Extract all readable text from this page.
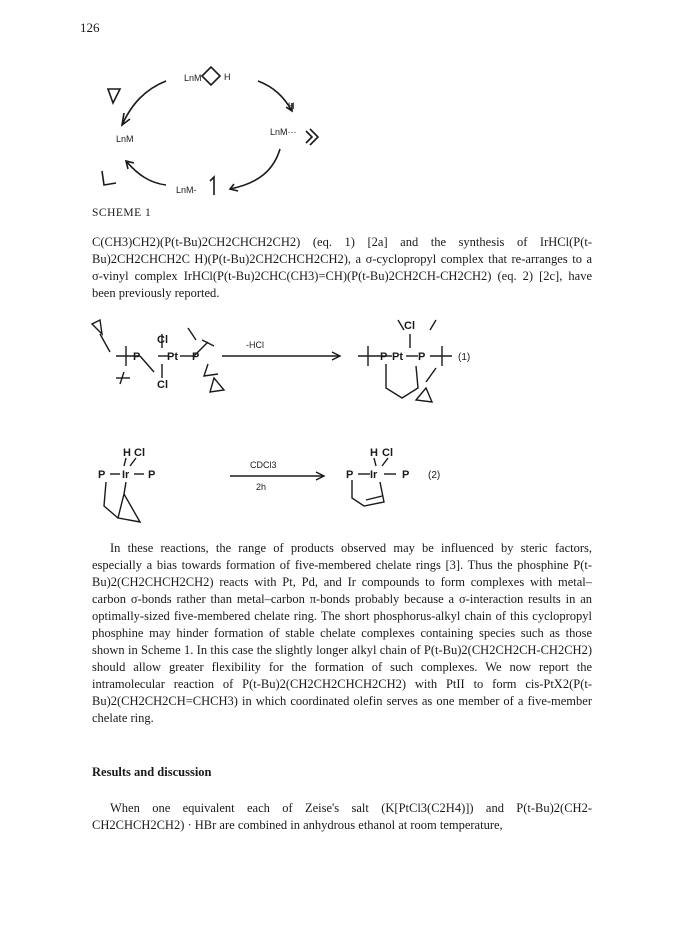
126
LnM H
LnM
H
LnM···
LnM-
SCHEME 1
C(CH3)CH2)(P(t-Bu)2CH2CHCH2CH2) (eq. 1) [2a] and the synthesis of IrHCl(P(t-Bu)2CH2CHCH2C H)(P(t-Bu)2CH2CHCH2CH2), a σ-cyclopropyl complex that re-arranges to a σ-vinyl complex IrHCl(P(t-Bu)2CHC(CH3)=CH)(P(t-Bu)2CH2CH-CH2CH2) (eq. 2) [2c], have been previously reported.
Cl
P Pt P
Cl
-HCl
Cl
P Pt P	(1)
H Cl
P Ir P
CDCl3
2h
H Cl
P Ir P (2)
In these reactions, the range of products observed may be influenced by steric factors, especially a bias towards formation of five-membered chelate rings [3]. Thus the phosphine P(t-Bu)2(CH2CHCH2CH2) reacts with Pt, Pd, and Ir compounds to form complexes with metal–carbon σ-bonds rather than metal–carbon π-bonds probably because a σ-interaction results in an optimally-sized five-membered chelate ring. The short phosphorus-alkyl chain of this cyclopropyl phosphine may hinder formation of stable chelate complexes containing species such as those shown in Scheme 1. In this case the slightly longer alkyl chain of P(t-Bu)2(CH2CH2CH-CH2CH2) should allow greater flexibility for the formation of such complexes. We now report the intramolecular reaction of P(t-Bu)2(CH2CH2CHCH2CH2) with PtII to form cis-PtX2(P(t-Bu)2(CH2CH2CH=CHCH3) in which coordinated olefin serves as one member of a five-member chelate ring.
Results and discussion
When one equivalent each of Zeise's salt (K[PtCl3(C2H4)]) and P(t-Bu)2(CH2-CH2CHCH2CH2) · HBr are combined in anhydrous ethanol at room temperature,
